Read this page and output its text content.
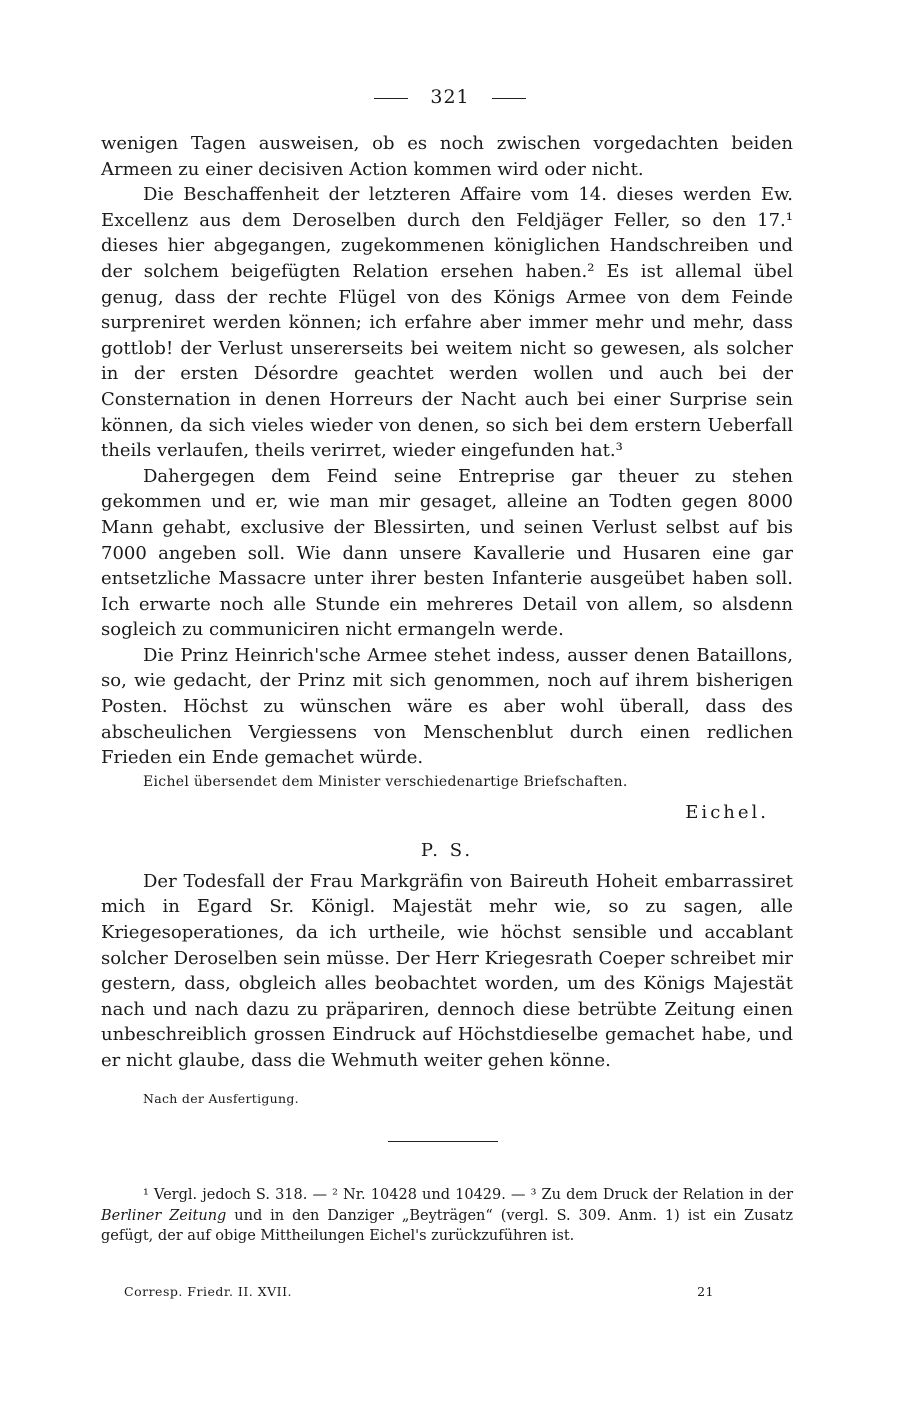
321

wenigen Tagen ausweisen, ob es noch zwischen vorgedachten beiden Armeen zu einer decisiven Action kommen wird oder nicht.

Die Beschaffenheit der letzteren Affaire vom 14. dieses werden Ew. Excellenz aus dem Deroselben durch den Feldjäger Feller, so den 17.¹ dieses hier abgegangen, zugekommenen königlichen Handschreiben und der solchem beigefügten Relation ersehen haben.² Es ist allemal übel genug, dass der rechte Flügel von des Königs Armee von dem Feinde surpreniret werden können; ich erfahre aber immer mehr und mehr, dass gottlob! der Verlust unsererseits bei weitem nicht so gewesen, als solcher in der ersten Désordre geachtet werden wollen und auch bei der Consternation in denen Horreurs der Nacht auch bei einer Surprise sein können, da sich vieles wieder von denen, so sich bei dem erstern Ueberfall theils verlaufen, theils verirret, wieder eingefunden hat.³

Dahergegen dem Feind seine Entreprise gar theuer zu stehen gekommen und er, wie man mir gesaget, alleine an Todten gegen 8000 Mann gehabt, exclusive der Blessirten, und seinen Verlust selbst auf bis 7000 angeben soll. Wie dann unsere Kavallerie und Husaren eine gar entsetzliche Massacre unter ihrer besten Infanterie ausgeübet haben soll. Ich erwarte noch alle Stunde ein mehreres Detail von allem, so alsdenn sogleich zu communiciren nicht ermangeln werde.

Die Prinz Heinrich'sche Armee stehet indess, ausser denen Bataillons, so, wie gedacht, der Prinz mit sich genommen, noch auf ihrem bisherigen Posten. Höchst zu wünschen wäre es aber wohl überall, dass des abscheulichen Vergiessens von Menschenblut durch einen redlichen Frieden ein Ende gemachet würde.

Eichel übersendet dem Minister verschiedenartige Briefschaften.
Eichel.
P. S.

Der Todesfall der Frau Markgräfin von Baireuth Hoheit embarrassiret mich in Egard Sr. Königl. Majestät mehr wie, so zu sagen, alle Kriegesoperationes, da ich urtheile, wie höchst sensible und accablant solcher Deroselben sein müsse. Der Herr Kriegesrath Coeper schreibet mir gestern, dass, obgleich alles beobachtet worden, um des Königs Majestät nach und nach dazu zu präpariren, dennoch diese betrübte Zeitung einen unbeschreiblich grossen Eindruck auf Höchstdieselbe gemachet habe, und er nicht glaube, dass die Wehmuth weiter gehen könne.

Nach der Ausfertigung.

¹ Vergl. jedoch S. 318. — ² Nr. 10428 und 10429. — ³ Zu dem Druck der Relation in der Berliner Zeitung und in den Danziger „Beyträgen“ (vergl. S. 309. Anm. 1) ist ein Zusatz gefügt, der auf obige Mittheilungen Eichel's zurückzuführen ist.

Corresp. Friedr. II. XVII.	21
